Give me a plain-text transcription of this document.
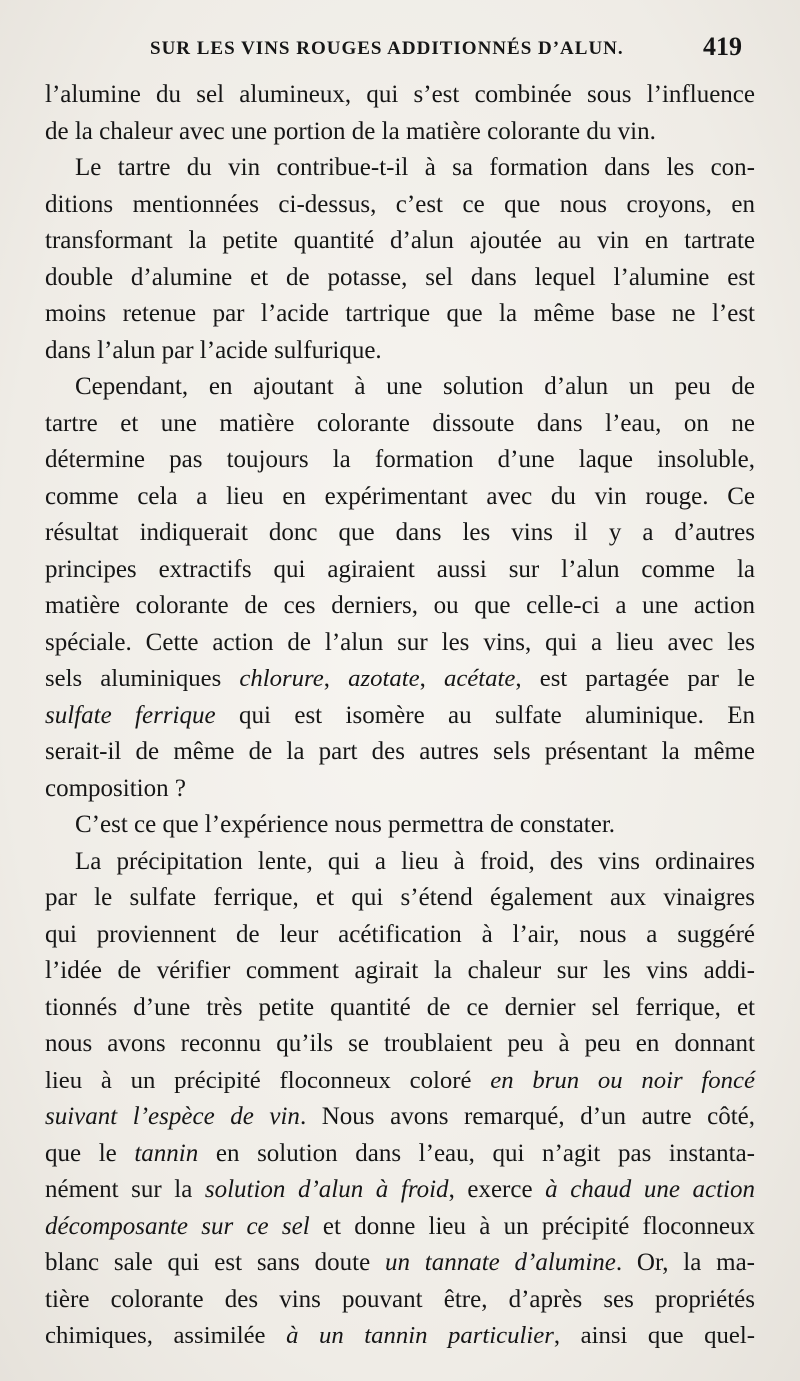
SUR LES VINS ROUGES ADDITIONNÉS D’ALUN.	419
l’alumine du sel alumineux, qui s’est combinée sous l’influence
de la chaleur avec une portion de la matière colorante du vin.
Le tartre du vin contribue-t-il à sa formation dans les con-
ditions mentionnées ci-dessus, c’est ce que nous croyons, en
transformant la petite quantité d’alun ajoutée au vin en tartrate
double d’alumine et de potasse, sel dans lequel l’alumine est
moins retenue par l’acide tartrique que la même base ne l’est
dans l’alun par l’acide sulfurique.
Cependant, en ajoutant à une solution d’alun un peu de
tartre et une matière colorante dissoute dans l’eau, on ne
détermine pas toujours la formation d’une laque insoluble,
comme cela a lieu en expérimentant avec du vin rouge. Ce
résultat indiquerait donc que dans les vins il y a d’autres
principes extractifs qui agiraient aussi sur l’alun comme la
matière colorante de ces derniers, ou que celle-ci a une action
spéciale. Cette action de l’alun sur les vins, qui a lieu avec les
sels aluminiques chlorure, azotate, acétate, est partagée par le
sulfate ferrique qui est isomère au sulfate aluminique. En
serait-il de même de la part des autres sels présentant la même
composition ?
C’est ce que l’expérience nous permettra de constater.
La précipitation lente, qui a lieu à froid, des vins ordinaires
par le sulfate ferrique, et qui s’étend également aux vinaigres
qui proviennent de leur acétification à l’air, nous a suggéré
l’idée de vérifier comment agirait la chaleur sur les vins addi-
tionnés d’une très petite quantité de ce dernier sel ferrique, et
nous avons reconnu qu’ils se troublaient peu à peu en donnant
lieu à un précipité floconneux coloré en brun ou noir foncé
suivant l’espèce de vin. Nous avons remarqué, d’un autre côté,
que le tannin en solution dans l’eau, qui n’agit pas instanta-
nément sur la solution d’alun à froid, exerce à chaud une action
décomposante sur ce sel et donne lieu à un précipité floconneux
blanc sale qui est sans doute un tannate d’alumine. Or, la ma-
tière colorante des vins pouvant être, d’après ses propriétés
chimiques, assimilée à un tannin particulier, ainsi que quel-
